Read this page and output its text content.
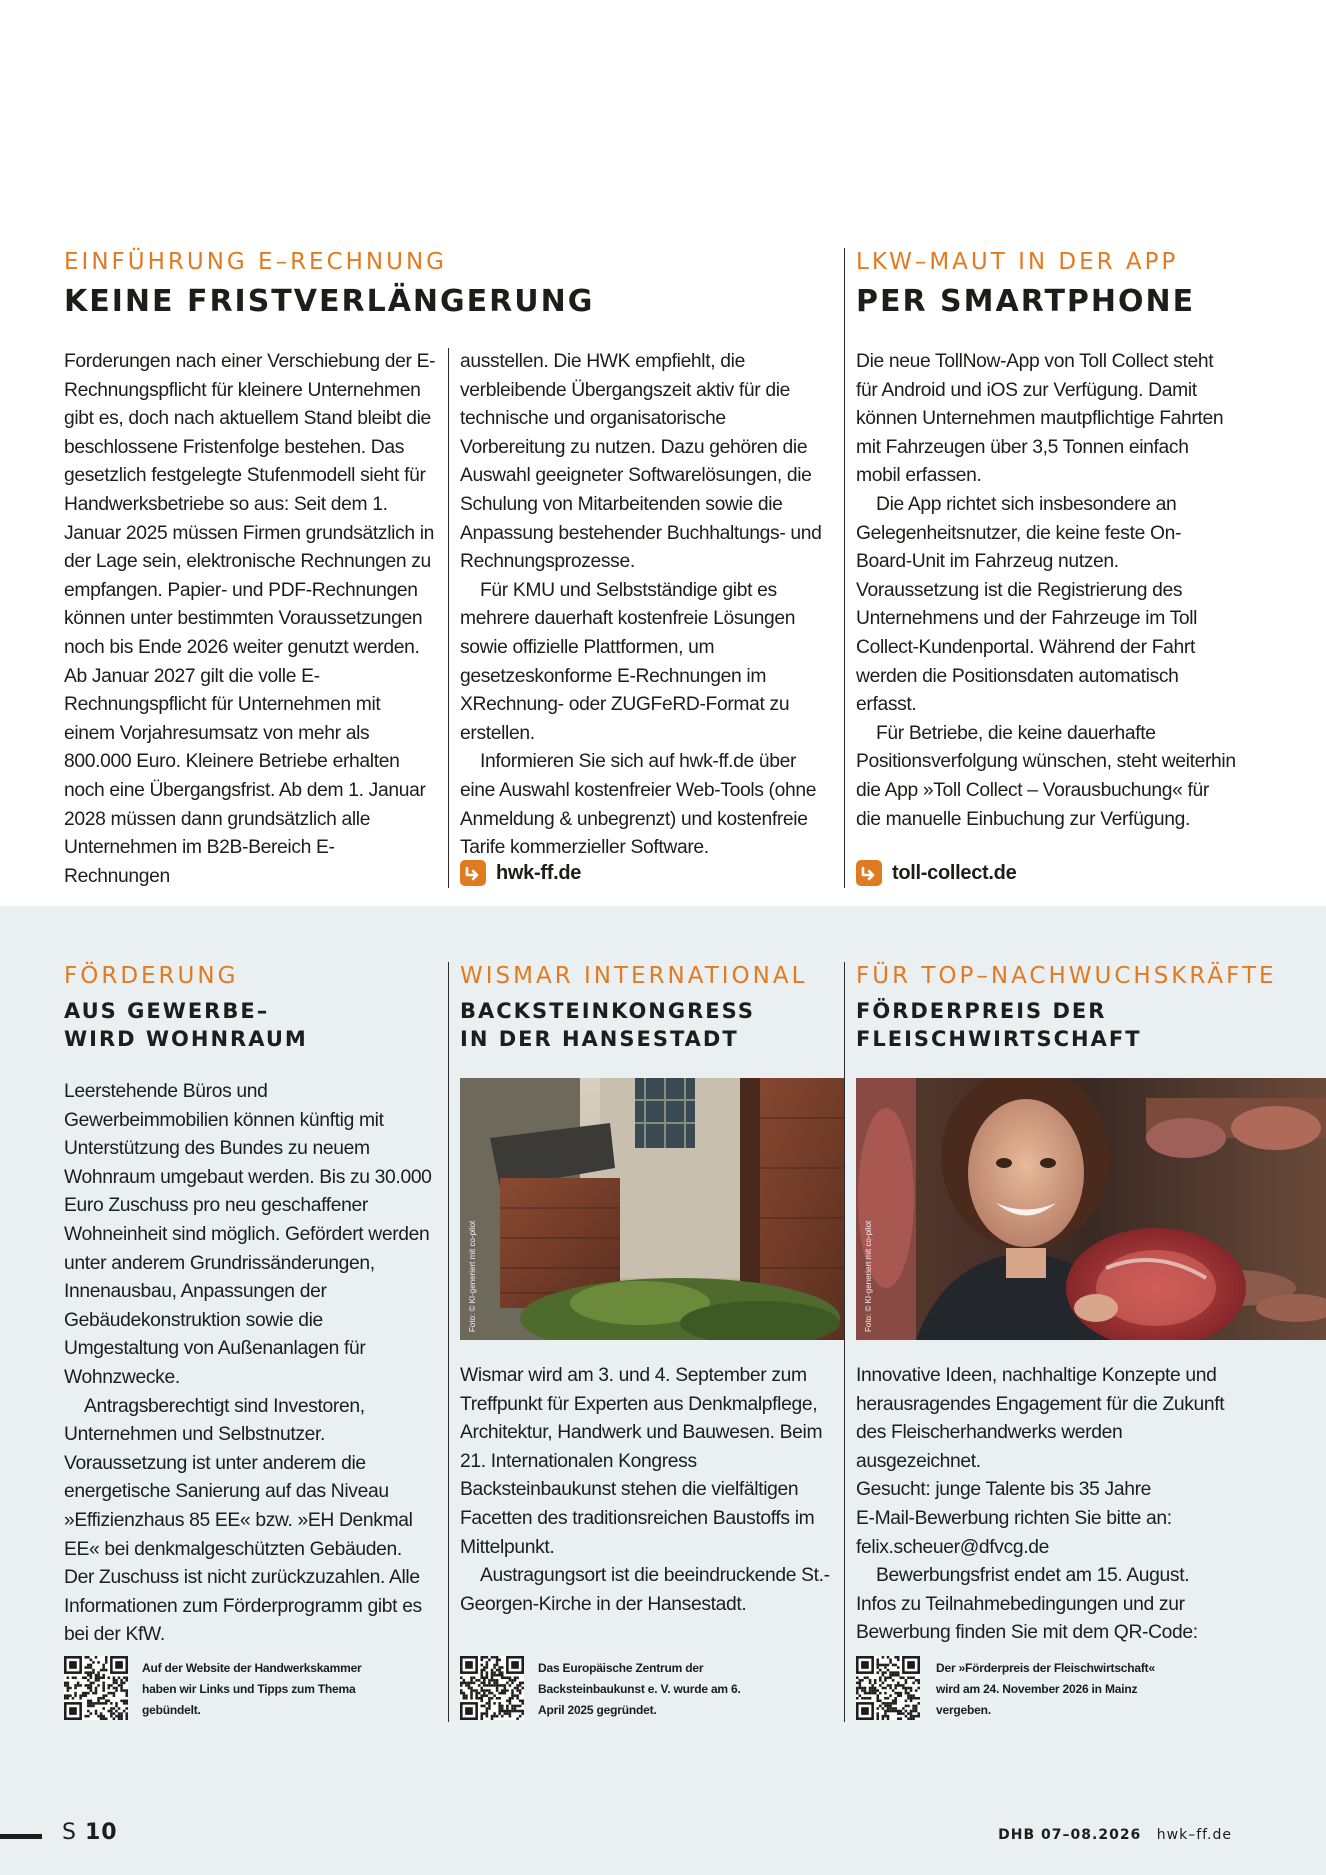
EINFÜHRUNG E–RECHNUNG
KEINE FRISTVERLÄNGERUNG

Forderungen nach einer Verschiebung der E-Rechnungspflicht für kleinere Unternehmen gibt es, doch nach aktuellem Stand bleibt die beschlossene Fristenfolge bestehen. Das gesetzlich festgelegte Stufenmodell sieht für Handwerksbetriebe so aus: Seit dem 1. Januar 2025 müssen Firmen grundsätzlich in der Lage sein, elektronische Rechnungen zu empfangen. Papier- und PDF-Rechnungen können unter bestimmten Voraussetzungen noch bis Ende 2026 weiter genutzt werden. Ab Januar 2027 gilt die volle E-Rechnungspflicht für Unternehmen mit einem Vorjahresumsatz von mehr als 800.000 Euro. Kleinere Betriebe erhalten noch eine Übergangsfrist. Ab dem 1. Januar 2028 müssen dann grundsätzlich alle Unternehmen im B2B-Bereich E-Rechnungen

ausstellen. Die HWK empfiehlt, die verbleibende Übergangszeit aktiv für die technische und organisatorische Vorbereitung zu nutzen. Dazu gehören die Auswahl geeigneter Softwarelösungen, die Schulung von Mitarbeitenden sowie die Anpassung bestehender Buchhaltungs- und Rechnungsprozesse.

Für KMU und Selbstständige gibt es mehrere dauerhaft kostenfreie Lösungen sowie offizielle Plattformen, um gesetzeskonforme E-Rechnungen im XRechnung- oder ZUGFeRD-Format zu erstellen.

Informieren Sie sich auf hwk-ff.de über eine Auswahl kostenfreier Web-Tools (ohne Anmeldung & unbegrenzt) und kostenfreie Tarife kommerzieller Software.

hwk-ff.de
LKW–MAUT IN DER APP
PER SMARTPHONE

Die neue TollNow-App von Toll Collect steht für Android und iOS zur Verfügung. Damit können Unternehmen mautpflichtige Fahrten mit Fahrzeugen über 3,5 Tonnen einfach mobil erfassen.

Die App richtet sich insbesondere an Gelegenheitsnutzer, die keine feste On-Board-Unit im Fahrzeug nutzen. Voraussetzung ist die Registrierung des Unternehmens und der Fahrzeuge im Toll Collect-Kundenportal. Während der Fahrt werden die Positionsdaten automatisch erfasst.

Für Betriebe, die keine dauerhafte Positionsverfolgung wünschen, steht weiterhin die App »Toll Collect – Vorausbuchung« für die manuelle Einbuchung zur Verfügung.

toll-collect.de
FÖRDERUNG
AUS GEWERBE–
WIRD WOHNRAUM

Leerstehende Büros und Gewerbeimmobilien können künftig mit Unterstützung des Bundes zu neuem Wohnraum umgebaut werden. Bis zu 30.000 Euro Zuschuss pro neu geschaffener Wohneinheit sind möglich. Gefördert werden unter anderem Grundrissänderungen, Innenausbau, Anpassungen der Gebäudekonstruktion sowie die Umgestaltung von Außenanlagen für Wohnzwecke.

Antragsberechtigt sind Investoren, Unternehmen und Selbstnutzer. Voraussetzung ist unter anderem die energetische Sanierung auf das Niveau »Effizienzhaus 85 EE« bzw. »EH Denkmal EE« bei denkmalgeschützten Gebäuden. Der Zuschuss ist nicht zurückzuzahlen. Alle Informationen zum Förderprogramm gibt es bei der KfW.

Auf der Website der Handwerkskammer haben wir Links und Tipps zum Thema gebündelt.
WISMAR INTERNATIONAL
BACKSTEINKONGRESS
IN DER HANSESTADT
Foto: © KI-generiert mit co-pilot

Wismar wird am 3. und 4. September zum Treffpunkt für Experten aus Denkmalpflege, Architektur, Handwerk und Bauwesen. Beim 21. Internationalen Kongress Backsteinbaukunst stehen die vielfältigen Facetten des traditionsreichen Baustoffs im Mittelpunkt.

Austragungsort ist die beeindruckende St.-Georgen-Kirche in der Hansestadt.

Das Europäische Zentrum der Backsteinbaukunst e. V. wurde am 6. April 2025 gegründet.
FÜR TOP–NACHWUCHSKRÄFTE
FÖRDERPREIS DER
FLEISCHWIRTSCHAFT
Foto: © KI-generiert mit co-pilot

Innovative Ideen, nachhaltige Konzepte und herausragendes Engagement für die Zukunft des Fleischerhandwerks werden ausgezeichnet.

Gesucht: junge Talente bis 35 Jahre

E-Mail-Bewerbung richten Sie bitte an: felix.scheuer@dfvcg.de

Bewerbungsfrist endet am 15. August.

Infos zu Teilnahmebedingungen und zur Bewerbung finden Sie mit dem QR-Code:

Der »Förderpreis der Fleischwirtschaft« wird am 24. November 2026 in Mainz vergeben.
S 10	DHB 07–08.2026 hwk–ff.de
